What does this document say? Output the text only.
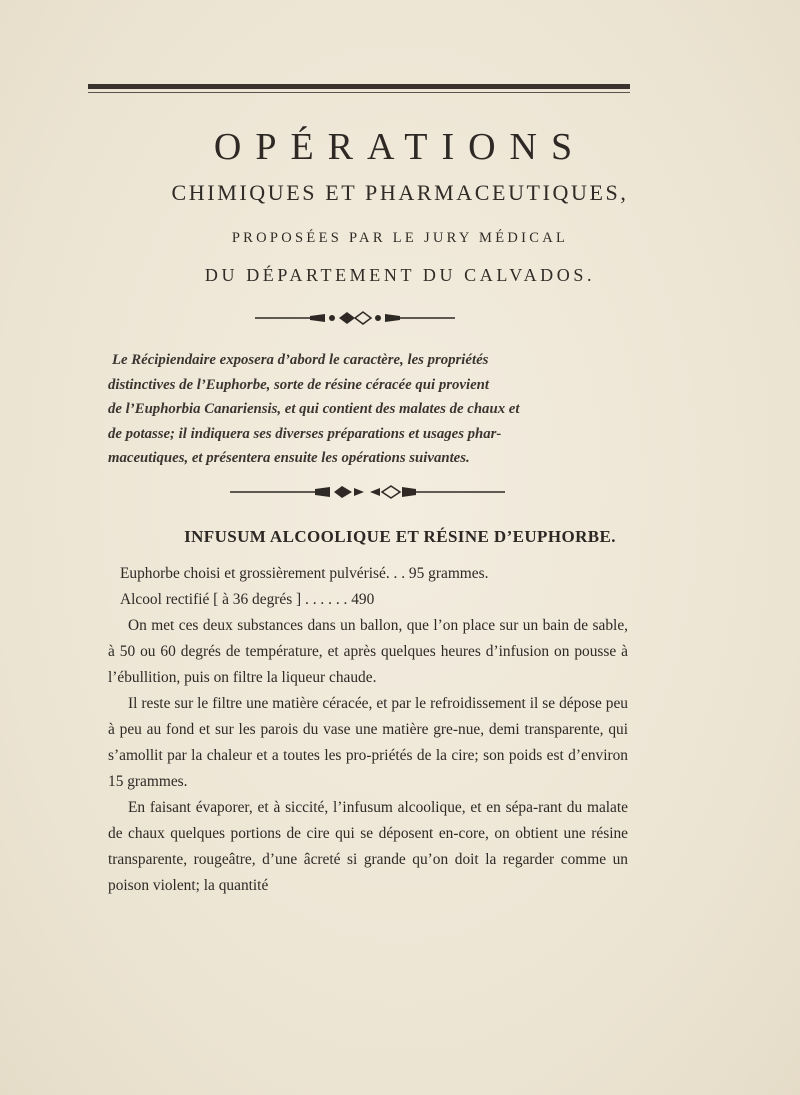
OPÉRATIONS
CHIMIQUES ET PHARMACEUTIQUES,
PROPOSÉES PAR LE JURY MÉDICAL
DU DÉPARTEMENT DU CALVADOS.
Le Récipiendaire exposera d’abord le caractère, les propriétés
distinctives de l’Euphorbe, sorte de résine céracée qui provient
de l’Euphorbia Canariensis, et qui contient des malates de chaux et
de potasse; il indiquera ses diverses préparations et usages phar-
maceutiques, et présentera ensuite les opérations suivantes.
INFUSUM ALCOOLIQUE ET RÉSINE D’EUPHORBE.
Euphorbe choisi et grossièrement pulvérisé. . . 95 grammes.
Alcool rectifié [ à 36 degrés ] . . . . . . 490

On met ces deux substances dans un ballon, que l’on place sur un bain de sable, à 50 ou 60 degrés de température, et après quelques heures d’infusion on pousse à l’ébullition, puis on filtre la liqueur chaude.

Il reste sur le filtre une matière céracée, et par le refroidissement il se dépose peu à peu au fond et sur les parois du vase une matière gre-nue, demi transparente, qui s’amollit par la chaleur et a toutes les pro-priétés de la cire; son poids est d’environ 15 grammes.

En faisant évaporer, et à siccité, l’infusum alcoolique, et en sépa-rant du malate de chaux quelques portions de cire qui se déposent en-core, on obtient une résine transparente, rougeâtre, d’une âcreté si grande qu’on doit la regarder comme un poison violent; la quantité
